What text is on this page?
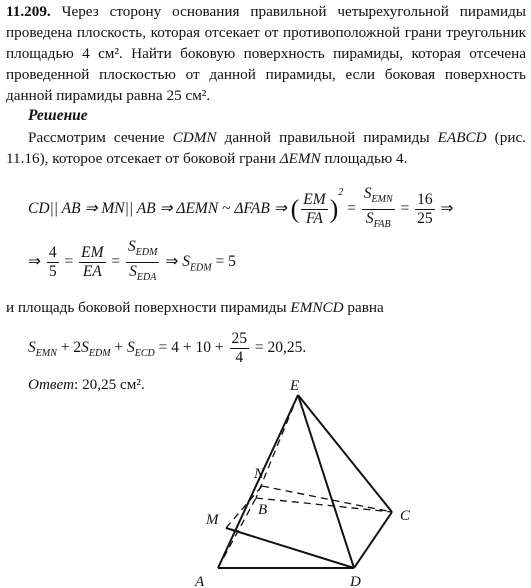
11.209. Через сторону основания правильной четырехугольной пирамиды проведена плоскость, которая отсекает от противоположной грани треугольник площадью 4 см². Найти боковую поверхность пирамиды, которая отсечена проведенной плоскостью от данной пирамиды, если боковая поверхность данной пирамиды равна 25 см².

Решение

Рассмотрим сечение CDMN данной правильной пирамиды EABCD (рис. 11.16), которое отсекает от боковой грани ΔEMN площадью 4.

CD|| AB ⇒ MN|| AB ⇒ ΔEMN ~ ΔFAB ⇒ ( $\frac{EM}{FA} )^2 = \frac{S_{EMN}}{S_{FAB}} = \frac{16}{25}$ ⇒
⇒ $\frac{4}{5} = \frac{EM}{EA} = \frac{S_{EDM}}{S_{EDA}}$ ⇒ $S_{EDM} = 5$

и площадь боковой поверхности пирамиды EMNCD равна

$S_{EMN} + 2S_{EDM} + S_{ECD} = 4 + 10 + \frac{25}{4} = 20,25$.
Ответ: 20,25 см².	E
N
B
M	C
A	D
